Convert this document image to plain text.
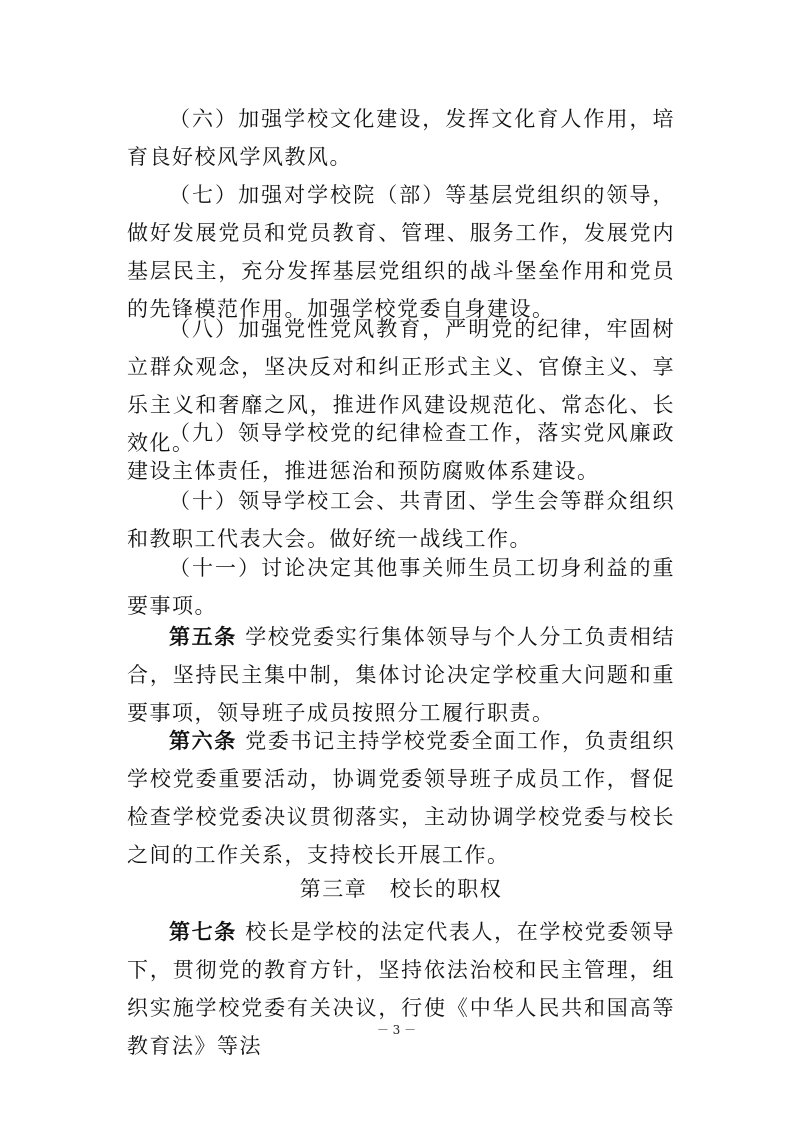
（六）加强学校文化建设，发挥文化育人作用，培育良好校风学风教风。

（七）加强对学校院（部）等基层党组织的领导，做好发展党员和党员教育、管理、服务工作，发展党内基层民主，充分发挥基层党组织的战斗堡垒作用和党员的先锋模范作用。加强学校党委自身建设。

（八）加强党性党风教育，严明党的纪律，牢固树立群众观念，坚决反对和纠正形式主义、官僚主义、享乐主义和奢靡之风，推进作风建设规范化、常态化、长效化。

（九）领导学校党的纪律检查工作，落实党风廉政建设主体责任，推进惩治和预防腐败体系建设。

（十）领导学校工会、共青团、学生会等群众组织和教职工代表大会。做好统一战线工作。

（十一）讨论决定其他事关师生员工切身利益的重要事项。

第五条 学校党委实行集体领导与个人分工负责相结合，坚持民主集中制，集体讨论决定学校重大问题和重要事项，领导班子成员按照分工履行职责。

第六条 党委书记主持学校党委全面工作，负责组织学校党委重要活动，协调党委领导班子成员工作，督促检查学校党委决议贯彻落实，主动协调学校党委与校长之间的工作关系，支持校长开展工作。

第三章　校长的职权

第七条 校长是学校的法定代表人，在学校党委领导下，贯彻党的教育方针，坚持依法治校和民主管理，组织实施学校党委有关决议，行使《中华人民共和国高等教育法》等法

－ 3 －
